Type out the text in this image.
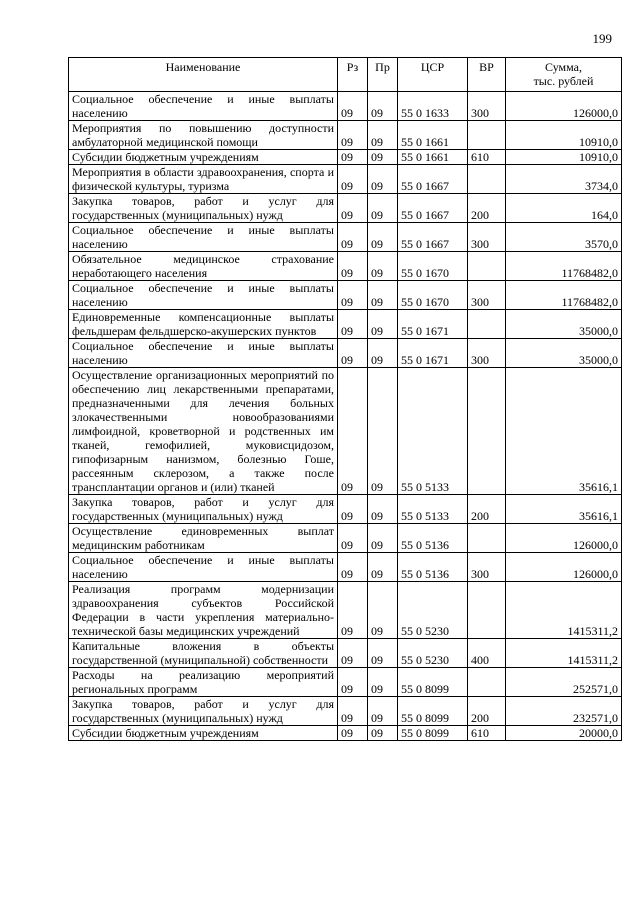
199
Наименование	Рз	Пр	ЦСР	ВР	Сумма,
тыс. рублей
Социальное обеспечение и иные выплаты населению	09	09	55 0 1633	300	126000,0
Мероприятия по повышению доступности амбулаторной медицинской помощи	09	09	55 0 1661		10910,0
Субсидии бюджетным учреждениям	09	09	55 0 1661	610	10910,0
Мероприятия в области здравоохранения, спорта и физической культуры, туризма	09	09	55 0 1667		3734,0
Закупка товаров, работ и услуг для государственных (муниципальных) нужд	09	09	55 0 1667	200	164,0
Социальное обеспечение и иные выплаты населению	09	09	55 0 1667	300	3570,0
Обязательное медицинское страхование неработающего населения	09	09	55 0 1670		11768482,0
Социальное обеспечение и иные выплаты населению	09	09	55 0 1670	300	11768482,0
Единовременные компенсационные выплаты фельдшерам фельдшерско-акушерских пунктов	09	09	55 0 1671		35000,0
Социальное обеспечение и иные выплаты населению	09	09	55 0 1671	300	35000,0
Осуществление организационных мероприятий по обеспечению лиц лекарственными препаратами, предназначенными для лечения больных злокачественными новообразованиями лимфоидной, кроветворной и родственных им тканей, гемофилией, муковисцидозом, гипофизарным нанизмом, болезнью Гоше, рассеянным склерозом, а также после трансплантации органов и (или) тканей	09	09	55 0 5133		35616,1
Закупка товаров, работ и услуг для государственных (муниципальных) нужд	09	09	55 0 5133	200	35616,1
Осуществление единовременных выплат медицинским работникам	09	09	55 0 5136		126000,0
Социальное обеспечение и иные выплаты населению	09	09	55 0 5136	300	126000,0
Реализация программ модернизации здравоохранения субъектов Российской Федерации в части укрепления материально-технической базы медицинских учреждений	09	09	55 0 5230		1415311,2
Капитальные вложения в объекты государственной (муниципальной) собственности	09	09	55 0 5230	400	1415311,2
Расходы на реализацию мероприятий региональных программ	09	09	55 0 8099		252571,0
Закупка товаров, работ и услуг для государственных (муниципальных) нужд	09	09	55 0 8099	200	232571,0
Субсидии бюджетным учреждениям	09	09	55 0 8099	610	20000,0
